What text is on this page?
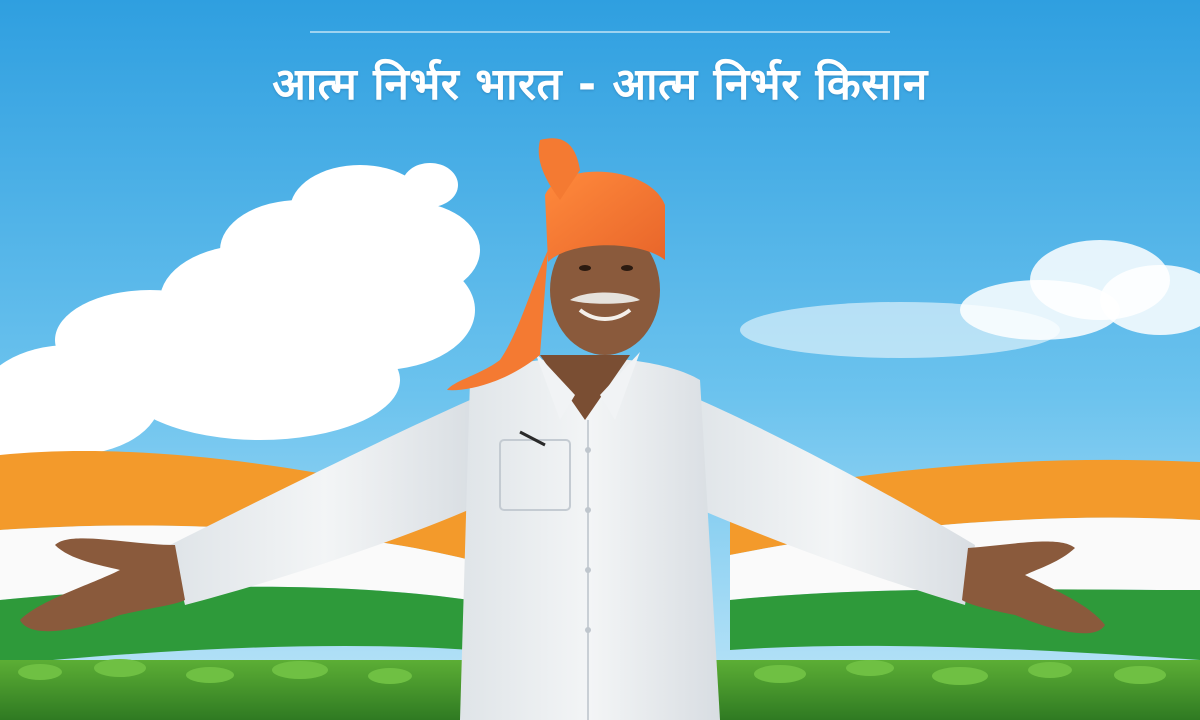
आत्म निर्भर भारत - आत्म निर्भर किसान
